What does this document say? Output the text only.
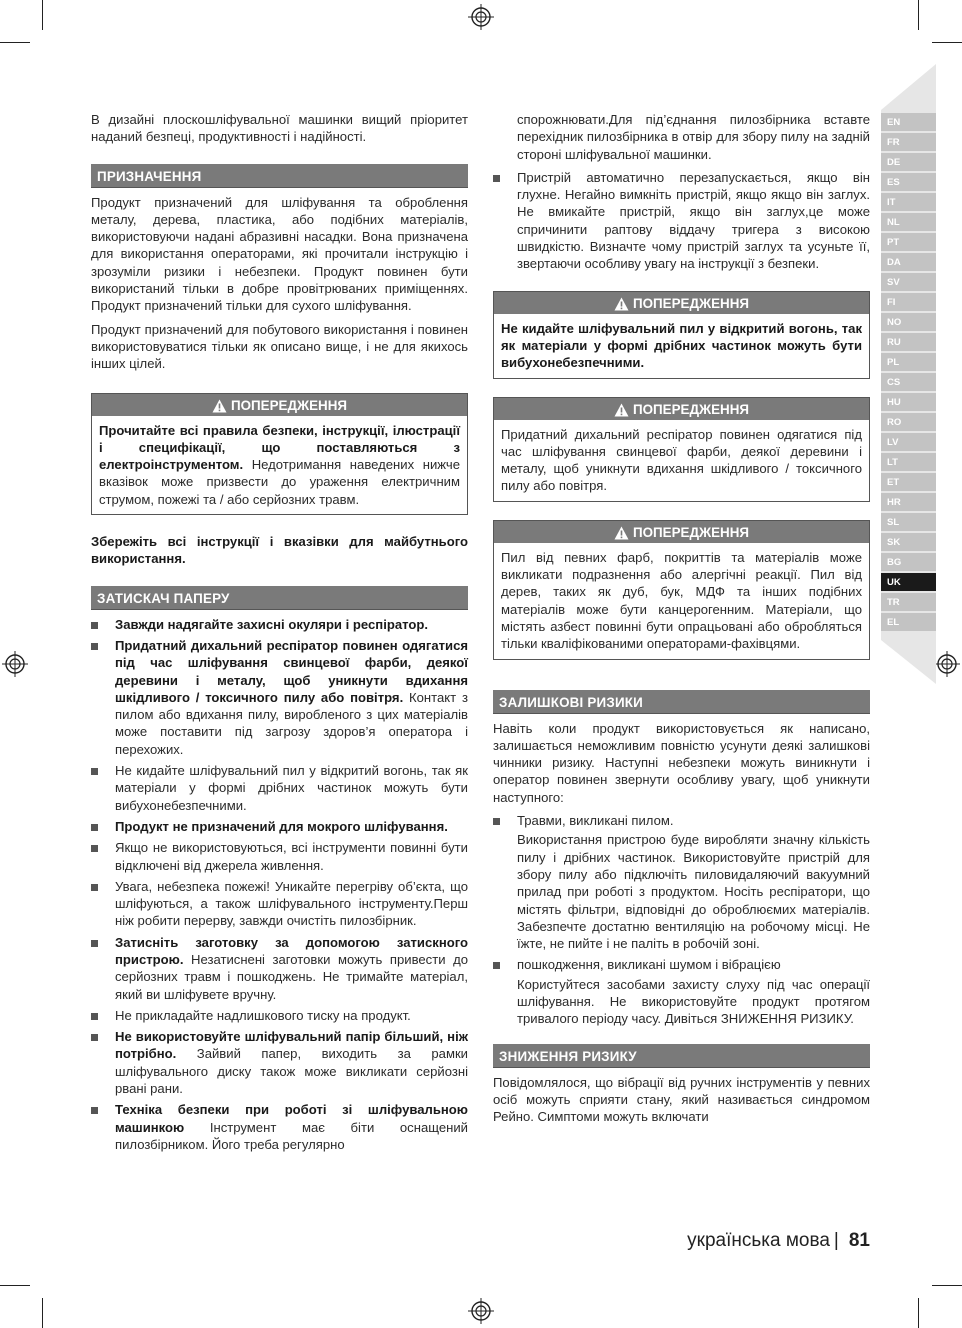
В дизайні плоскошліфувальної машинки вищий пріоритет наданий безпеці, продуктивності і надійності.

ПРИЗНАЧЕННЯ

Продукт призначений для шліфування та оброблення металу, дерева, пластика, або подібних матеріалів, використовуючи надані абразивні насадки. Вона призначена для використання операторами, які прочитали інструкцію і зрозуміли ризики і небезпеки. Продукт повинен бути використаний тільки в добре провітрюваних приміщеннях. Продукт призначений тільки для сухого шліфування.

Продукт призначений для побутового використання і повинен використовуватися тільки як описано вище, і не для якихось інших цілей.

ПОПЕРЕДЖЕННЯ
Прочитайте всі правила безпеки, інструкції, ілюстрації і специфікації, що поставляються з електроінструментом. Недотримання наведених нижче вказівок може призвести до ураження електричним струмом, пожежі та / або серйозних травм.

Збережіть всі інструкції і вказівки для майбутнього використання.

ЗАТИСКАЧ ПАПЕРУ
Завжди надягайте захисні окуляри і респіратор.
Придатний дихальний респіратор повинен одягатися під час шліфування свинцевої фарби, деякої деревини і металу, щоб уникнути вдихання шкідливого / токсичного пилу або повітря. Контакт з пилом або вдихання пилу, виробленого з цих матеріалів може поставити під загрозу здоров’я оператора і перехожих.
Не кидайте шліфувальний пил у відкритий вогонь, так як матеріали у формі дрібних частинок можуть бути вибухонебезпечними.
Продукт не призначений для мокрого шліфування.
Якщо не використовуються, всі інструменти повинні бути відключені від джерела живлення.
Увага, небезпека пожежі! Уникайте перегріву об’єкта, що шліфуються, а також шліфувального інструменту.Перш ніж робити перерву, завжди очистіть пилозбірник.
Затисніть заготовку за допомогою затискного пристрою. Незатиснені заготовки можуть привести до серйозних травм і пошкоджень. Не тримайте матеріал, який ви шліфувете вручну.
Не прикладайте надлишкового тиску на продукт.
Не використовуйте шліфувальний папір більший, ніж потрібно. Зайвий папер, виходить за рамки шліфувального диску також може викликати серйозні рвані рани.
Техніка безпеки при роботі зі шліфувальною машинкою Інструмент має біти оснащений пилозбірником. Його треба регулярно

спорожнювати.Для під’єднання пилозбірника вставте перехідник пилозбірника в отвір для збору пилу на задній стороні шліфувальної машинки.

Пристрій автоматично перезапускається, якщо він глухне. Негайно вимкніть пристрій, якщо якщо він заглух. Не вмикайте пристрій, якщо він заглух,це може спричинити раптову віддачу тригера з високою швидкістю. Визначте чому пристрій заглух та усуньте її, звертаючи особливу увагу на інструкції з безпеки.
ПОПЕРЕДЖЕННЯ
Не кидайте шліфувальний пил у відкритий вогонь, так як матеріали у формі дрібних частинок можуть бути вибухонебезпечними.
ПОПЕРЕДЖЕННЯ
Придатний дихальний респіратор повинен одягатися під час шліфування свинцевої фарби, деякої деревини і металу, щоб уникнути вдихання шкідливого / токсичного пилу або повітря.
ПОПЕРЕДЖЕННЯ
Пил від певних фарб, покриттів та матеріалів може викликати подразнення або алергічні реакції. Пил від дерев, таких як дуб, бук, МДФ та інших подібних матеріалів може бути канцерогенним. Матеріали, що містять азбест повинні бути опрацьовані або обробляться тільки кваліфікованими операторами-фахівцями.
ЗАЛИШКОВІ РИЗИКИ

Навіть коли продукт використовується як написано, залишається неможливим повністю усунути деякі залишкові чинники ризику. Наступні небезпеки можуть виникнути і оператор повинен звернути особливу увагу, щоб уникнути наступного:

Травми, викликані пилом.
Використання пристрою буде виробляти значну кількість пилу і дрібних частинок. Використовуйте пристрій для збору пилу або підключіть пиловидаляючий вакуумний прилад при роботі з продуктом. Носіть респіратори, що містять фільтри, відповідні до оброблюємих матеріалів. Забезпечте достатню вентиляцію на робочому місці. Не їжте, не пийте і не паліть в робочій зоні.
пошкодження, викликані шумом і вібрацією
Користуйтеся засобами захисту слуху під час операції шліфування. Не використовуйте продукт протягом тривалого періоду часу. Дивіться ЗНИЖЕННЯ РИЗИКУ.
ЗНИЖЕННЯ РИЗИКУ

Повідомлялося, що вібрації від ручних інструментів у певних осіб можуть сприяти стану, який називається синдромом Рейно. Симптоми можуть включати

EN
FR
DE
ES
IT
NL
PT
DA
SV
FI
NO
RU
PL
CS
HU
RO
LV
LT
ET
HR
SL
SK
BG
UK
TR
EL
українська мова | 81
